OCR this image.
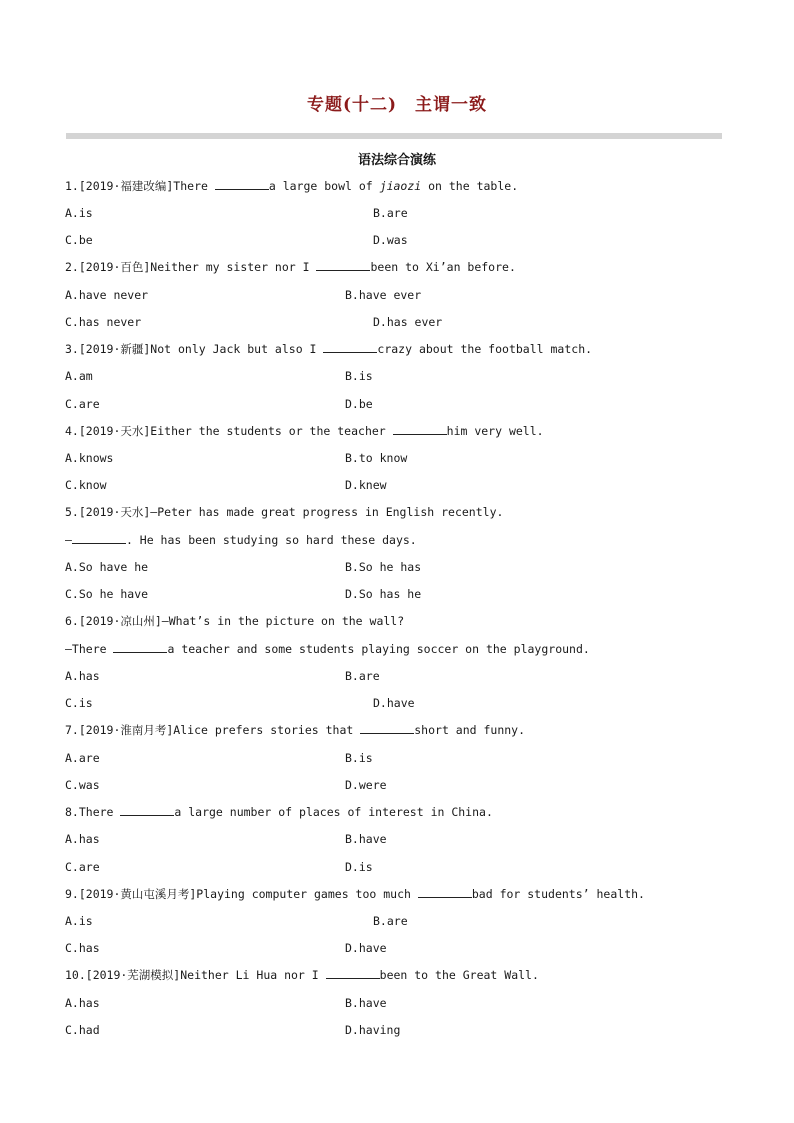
专题(十二)　主谓一致
语法综合演练
1.[2019·福建改编]There	a large bowl of jiaozi on the table.
A.is	B.are
C.be	D.was
2.[2019·百色]Neither my sister nor I	been to Xi’an before.
A.have never	B.have ever
C.has never	D.has ever
3.[2019·新疆]Not only Jack but also I	crazy about the football match.
A.am	B.is
C.are	D.be
4.[2019·天水]Either the students or the teacher	him very well.
A.knows	B.to know
C.know	D.knew
5.[2019·天水]—Peter has made great progress in English recently.
—	. He has been studying so hard these days.
A.So have he	B.So he has
C.So he have	D.So has he
6.[2019·凉山州]—What’s in the picture on the wall?
—There	a teacher and some students playing soccer on the playground.
A.has	B.are
C.is	D.have
7.[2019·淮南月考]Alice prefers stories that	short and funny.
A.are	B.is
C.was	D.were
8.There	a large number of places of interest in China.
A.has	B.have
C.are	D.is
9.[2019·黄山屯溪月考]Playing computer games too much	bad for students’ health.
A.is	B.are
C.has	D.have
10.[2019·芜湖模拟]Neither Li Hua nor I	been to the Great Wall.
A.has	B.have
C.had	D.having
